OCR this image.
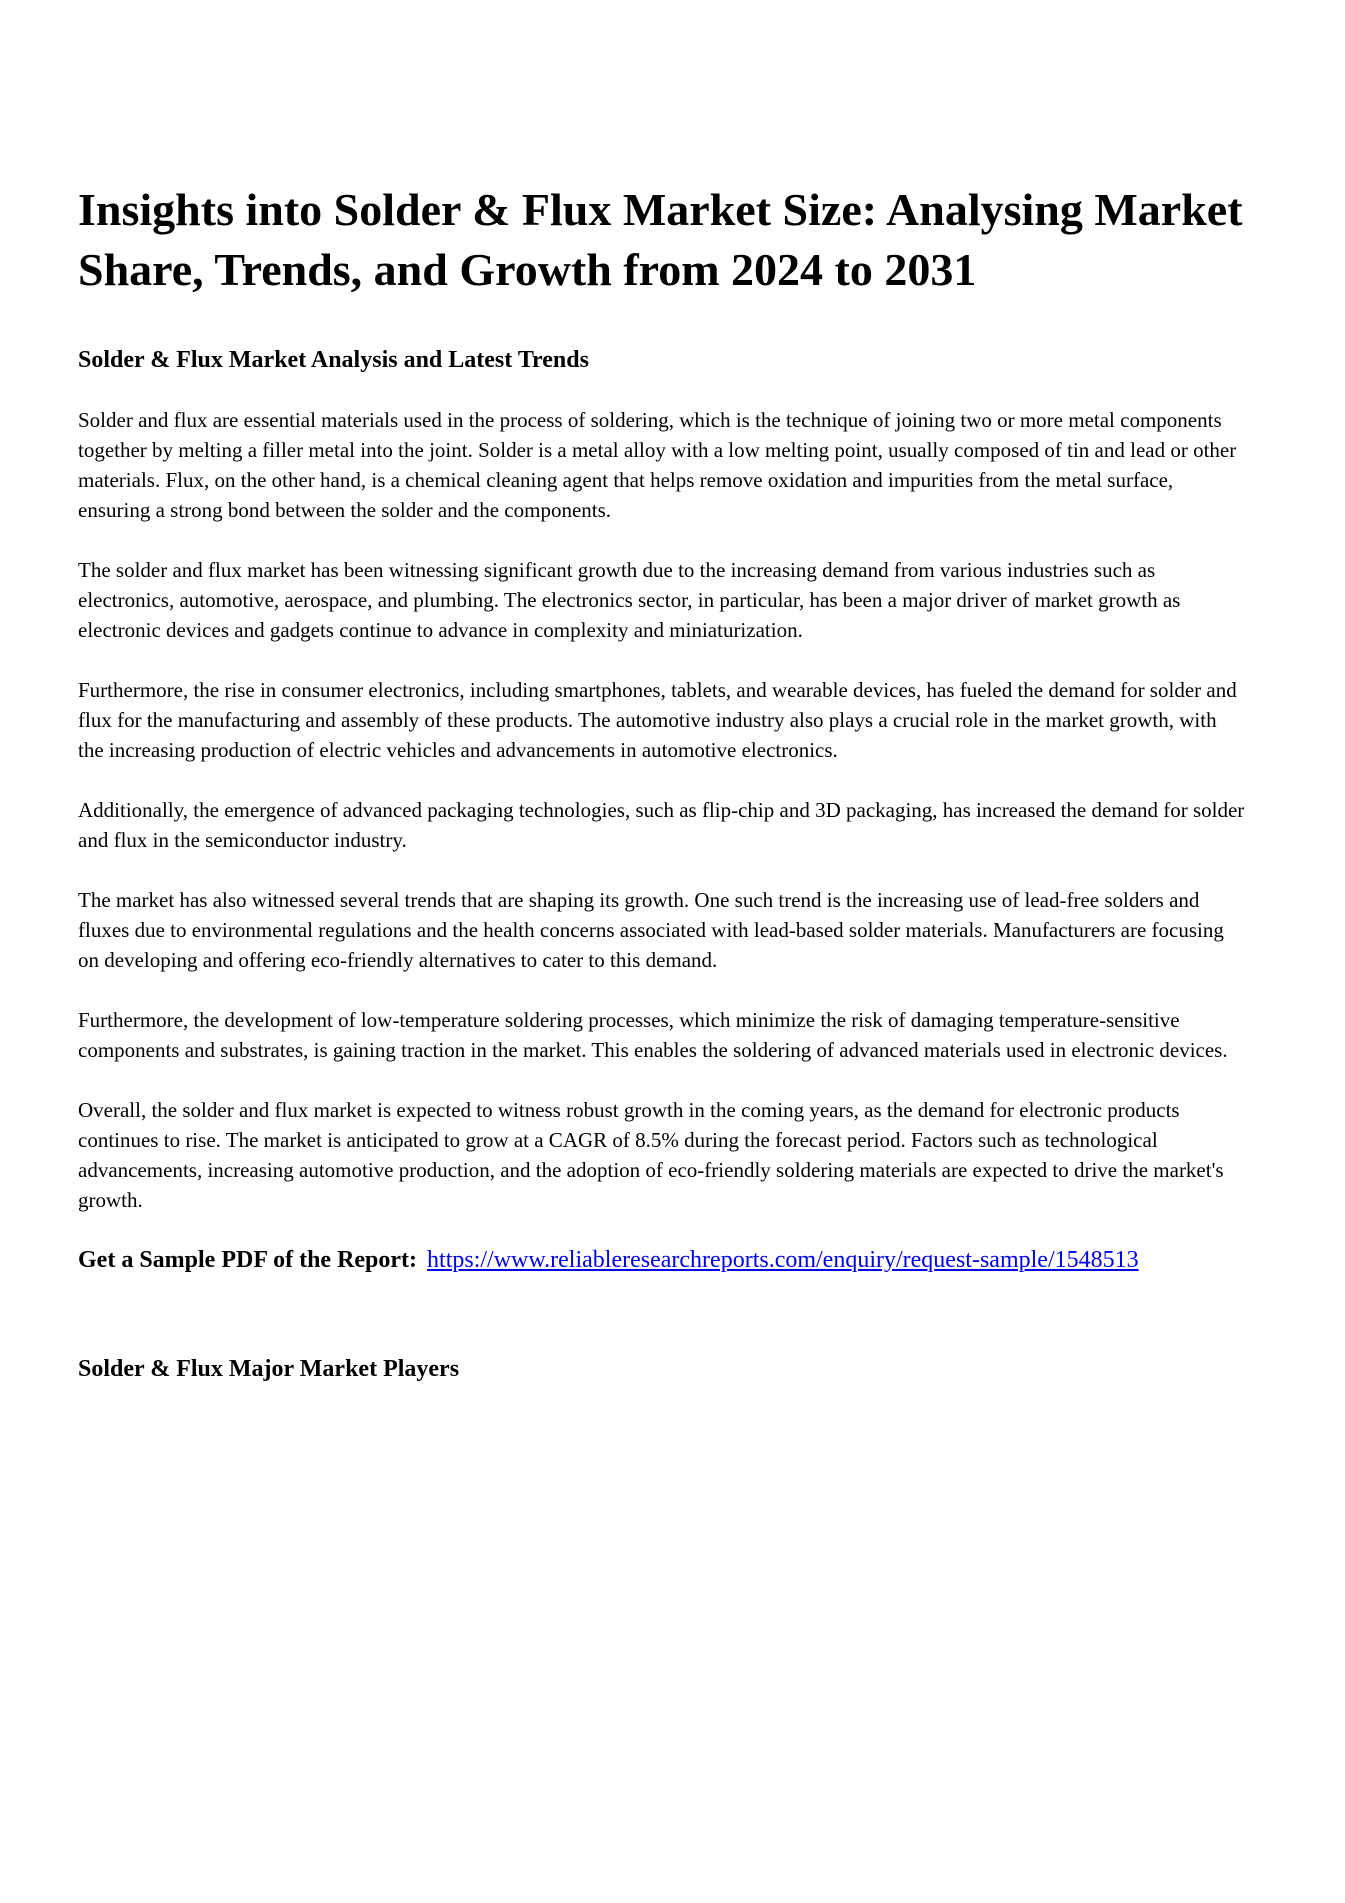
Insights into Solder & Flux Market Size: Analysing Market Share, Trends, and Growth from 2024 to 2031

Solder & Flux Market Analysis and Latest Trends

Solder and flux are essential materials used in the process of soldering, which is the technique of joining two or more metal components together by melting a filler metal into the joint. Solder is a metal alloy with a low melting point, usually composed of tin and lead or other materials. Flux, on the other hand, is a chemical cleaning agent that helps remove oxidation and impurities from the metal surface, ensuring a strong bond between the solder and the components.

The solder and flux market has been witnessing significant growth due to the increasing demand from various industries such as electronics, automotive, aerospace, and plumbing. The electronics sector, in particular, has been a major driver of market growth as electronic devices and gadgets continue to advance in complexity and miniaturization.

Furthermore, the rise in consumer electronics, including smartphones, tablets, and wearable devices, has fueled the demand for solder and flux for the manufacturing and assembly of these products. The automotive industry also plays a crucial role in the market growth, with the increasing production of electric vehicles and advancements in automotive electronics.

Additionally, the emergence of advanced packaging technologies, such as flip-chip and 3D packaging, has increased the demand for solder and flux in the semiconductor industry.

The market has also witnessed several trends that are shaping its growth. One such trend is the increasing use of lead-free solders and fluxes due to environmental regulations and the health concerns associated with lead-based solder materials. Manufacturers are focusing on developing and offering eco-friendly alternatives to cater to this demand.

Furthermore, the development of low-temperature soldering processes, which minimize the risk of damaging temperature-sensitive components and substrates, is gaining traction in the market. This enables the soldering of advanced materials used in electronic devices.

Overall, the solder and flux market is expected to witness robust growth in the coming years, as the demand for electronic products continues to rise. The market is anticipated to grow at a CAGR of 8.5% during the forecast period. Factors such as technological advancements, increasing automotive production, and the adoption of eco-friendly soldering materials are expected to drive the market's growth.

Get a Sample PDF of the Report: https://www.reliableresearchreports.com/enquiry/request-sample/1548513

Solder & Flux Major Market Players
